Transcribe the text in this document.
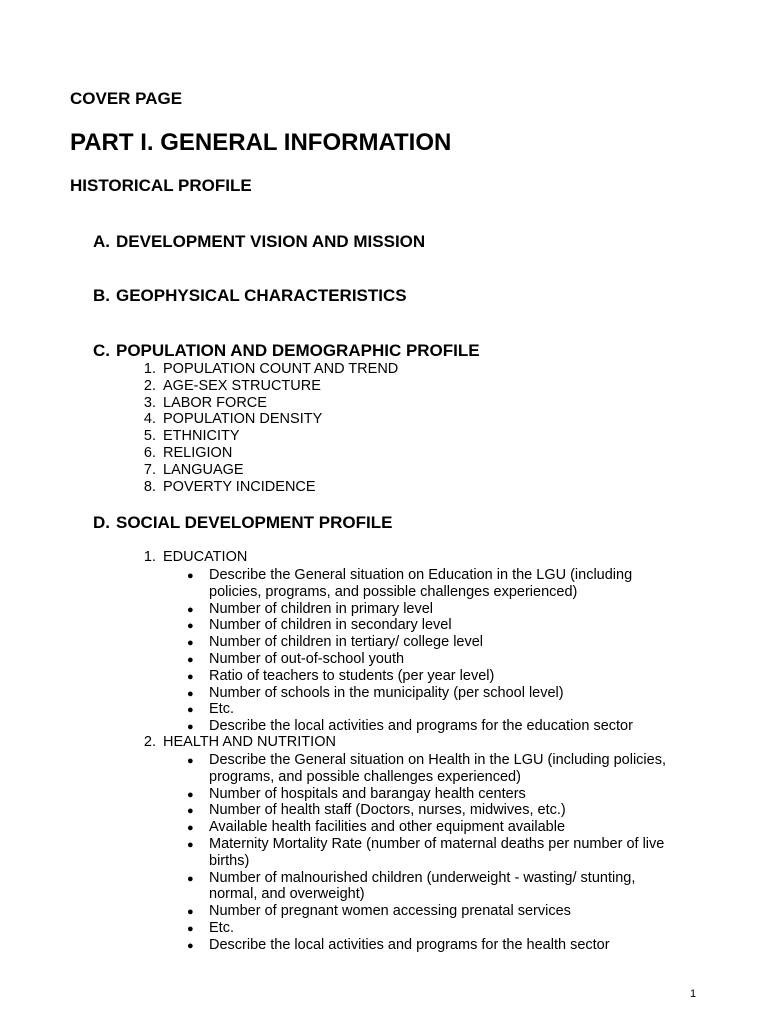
COVER PAGE
PART I. GENERAL INFORMATION
HISTORICAL PROFILE
A. DEVELOPMENT VISION AND MISSION
B. GEOPHYSICAL CHARACTERISTICS
C. POPULATION AND DEMOGRAPHIC PROFILE
1. POPULATION COUNT AND TREND
2. AGE-SEX STRUCTURE
3. LABOR FORCE
4. POPULATION DENSITY
5. ETHNICITY
6. RELIGION
7. LANGUAGE
8. POVERTY INCIDENCE
D. SOCIAL DEVELOPMENT PROFILE
1. EDUCATION
● Describe the General situation on Education in the LGU (including
policies, programs, and possible challenges experienced)
● Number of children in primary level
● Number of children in secondary level
● Number of children in tertiary/ college level
● Number of out-of-school youth
● Ratio of teachers to students (per year level)
● Number of schools in the municipality (per school level)
● Etc.
● Describe the local activities and programs for the education sector
2. HEALTH AND NUTRITION
● Describe the General situation on Health in the LGU (including policies,
programs, and possible challenges experienced)
● Number of hospitals and barangay health centers
● Number of health staff (Doctors, nurses, midwives, etc.)
● Available health facilities and other equipment available
● Maternity Mortality Rate (number of maternal deaths per number of live
births)
● Number of malnourished children (underweight - wasting/ stunting,
normal, and overweight)
● Number of pregnant women accessing prenatal services
● Etc.
● Describe the local activities and programs for the health sector
1
